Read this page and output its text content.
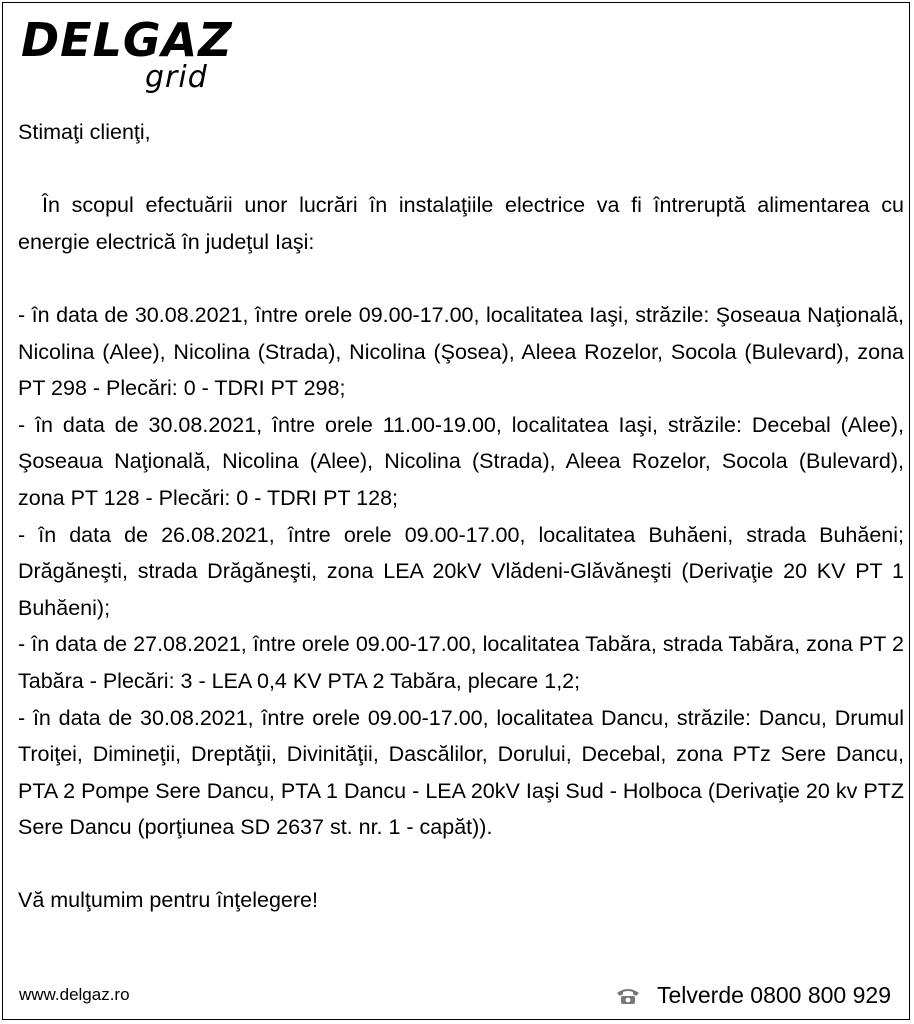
DELGAZ
grid

Stimaţi clienţi,

În scopul efectuării unor lucrări în instalaţiile electrice va fi întreruptă alimentarea cu energie electrică în judeţul Iaşi:

- în data de 30.08.2021, între orele 09.00-17.00, localitatea Iaşi, străzile: Şoseaua Naţională, Nicolina (Alee), Nicolina (Strada), Nicolina (Şosea), Aleea Rozelor, Socola (Bulevard), zona PT 298 - Plecări: 0 - TDRI PT 298;

- în data de 30.08.2021, între orele 11.00-19.00, localitatea Iaşi, străzile: Decebal (Alee), Şoseaua Naţională, Nicolina (Alee), Nicolina (Strada), Aleea Rozelor, Socola (Bulevard), zona PT 128 - Plecări: 0 - TDRI PT 128;

- în data de 26.08.2021, între orele 09.00-17.00, localitatea Buhăeni, strada Buhăeni; Drăgăneşti, strada Drăgăneşti, zona LEA 20kV Vlădeni-Glăvăneşti (Derivaţie 20 KV PT 1 Buhăeni);

- în data de 27.08.2021, între orele 09.00-17.00, localitatea Tabăra, strada Tabăra, zona PT 2 Tabăra - Plecări: 3 - LEA 0,4 KV PTA 2 Tabăra, plecare 1,2;

- în data de 30.08.2021, între orele 09.00-17.00, localitatea Dancu, străzile: Dancu, Drumul Troiţei, Dimineţii, Dreptăţii, Divinităţii, Dascălilor, Dorului, Decebal, zona PTz Sere Dancu, PTA 2 Pompe Sere Dancu, PTA 1 Dancu - LEA 20kV Iaşi Sud - Holboca (Derivaţie 20 kv PTZ Sere Dancu (porţiunea SD 2637 st. nr. 1 - capăt)).

Vă mulţumim pentru înţelegere!

www.delgaz.ro	Telverde 0800 800 929
